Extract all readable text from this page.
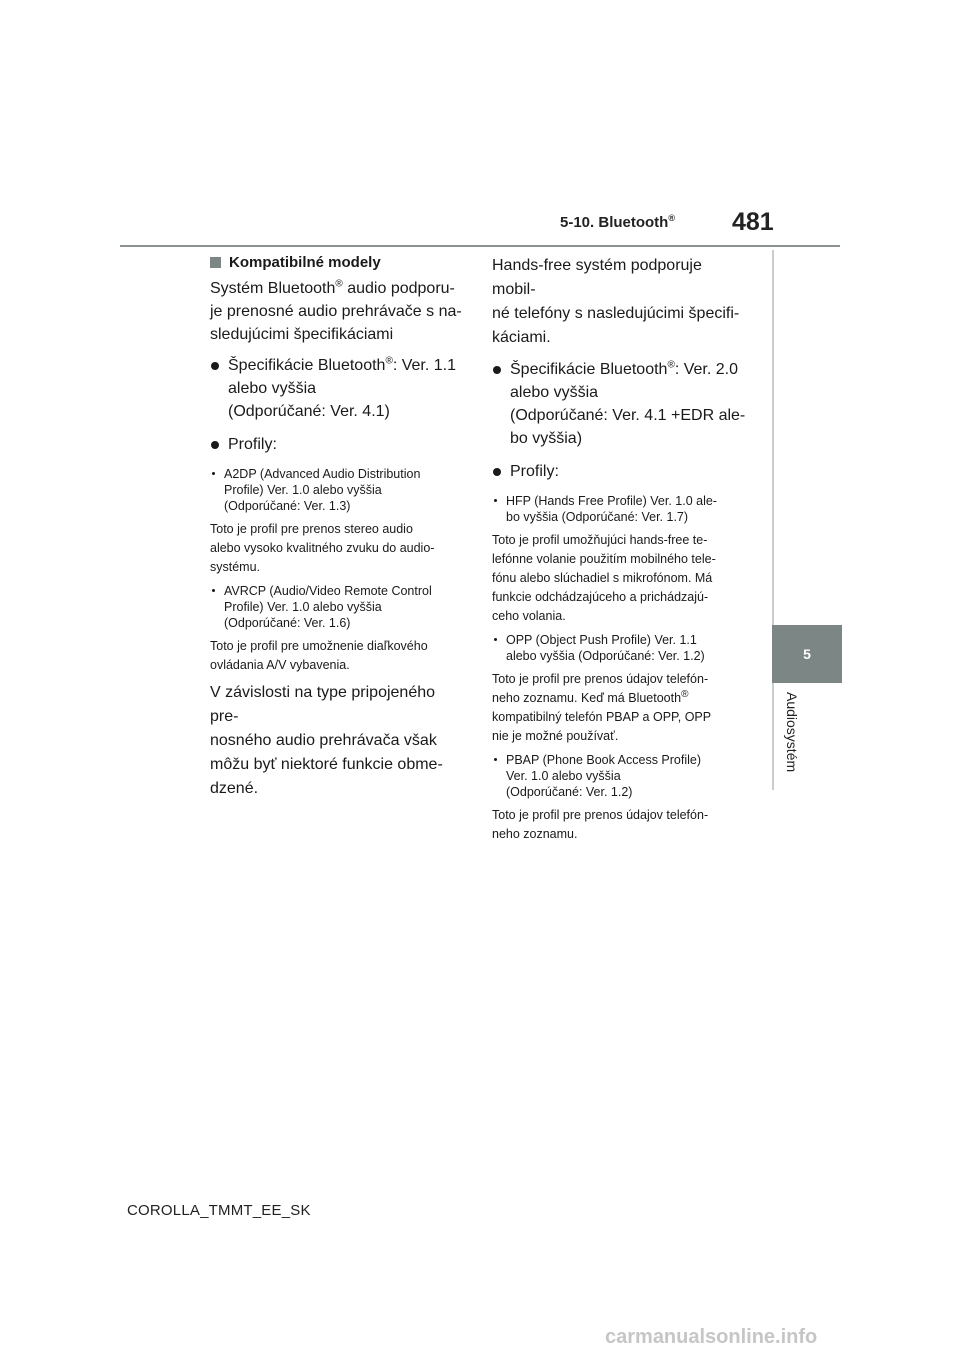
5-10. Bluetooth® 481
5
Audiosystém
Kompatibilné modely

Systém Bluetooth® audio podporu-
je prenosné audio prehrávače s na-
sledujúcimi špecifikáciami

Špecifikácie Bluetooth®: Ver. 1.1
alebo vyššia
(Odporúčané: Ver. 4.1)
Profily:
A2DP (Advanced Audio Distribution
Profile) Ver. 1.0 alebo vyššia
(Odporúčané: Ver. 1.3)

Toto je profil pre prenos stereo audio
alebo vysoko kvalitného zvuku do audio-
systému.

AVRCP (Audio/Video Remote Control
Profile) Ver. 1.0 alebo vyššia
(Odporúčané: Ver. 1.6)

Toto je profil pre umožnenie diaľkového
ovládania A/V vybavenia.

V závislosti na type pripojeného pre-
nosného audio prehrávača však
môžu byť niektoré funkcie obme-
dzené.

Hands-free systém podporuje mobil-
né telefóny s nasledujúcimi špecifi-
káciami.

Špecifikácie Bluetooth®: Ver. 2.0
alebo vyššia
(Odporúčané: Ver. 4.1 +EDR ale-
bo vyššia)
Profily:
HFP (Hands Free Profile) Ver. 1.0 ale-
bo vyššia (Odporúčané: Ver. 1.7)

Toto je profil umožňujúci hands-free te-
lefónne volanie použitím mobilného tele-
fónu alebo slúchadiel s mikrofónom. Má
funkcie odchádzajúceho a prichádzajú-
ceho volania.

OPP (Object Push Profile) Ver. 1.1
alebo vyššia (Odporúčané: Ver. 1.2)

Toto je profil pre prenos údajov telefón-
neho zoznamu. Keď má Bluetooth®
kompatibilný telefón PBAP a OPP, OPP
nie je možné používať.

PBAP (Phone Book Access Profile)
Ver. 1.0 alebo vyššia
(Odporúčané: Ver. 1.2)

Toto je profil pre prenos údajov telefón-
neho zoznamu.

COROLLA_TMMT_EE_SK
carmanualsonline.info
